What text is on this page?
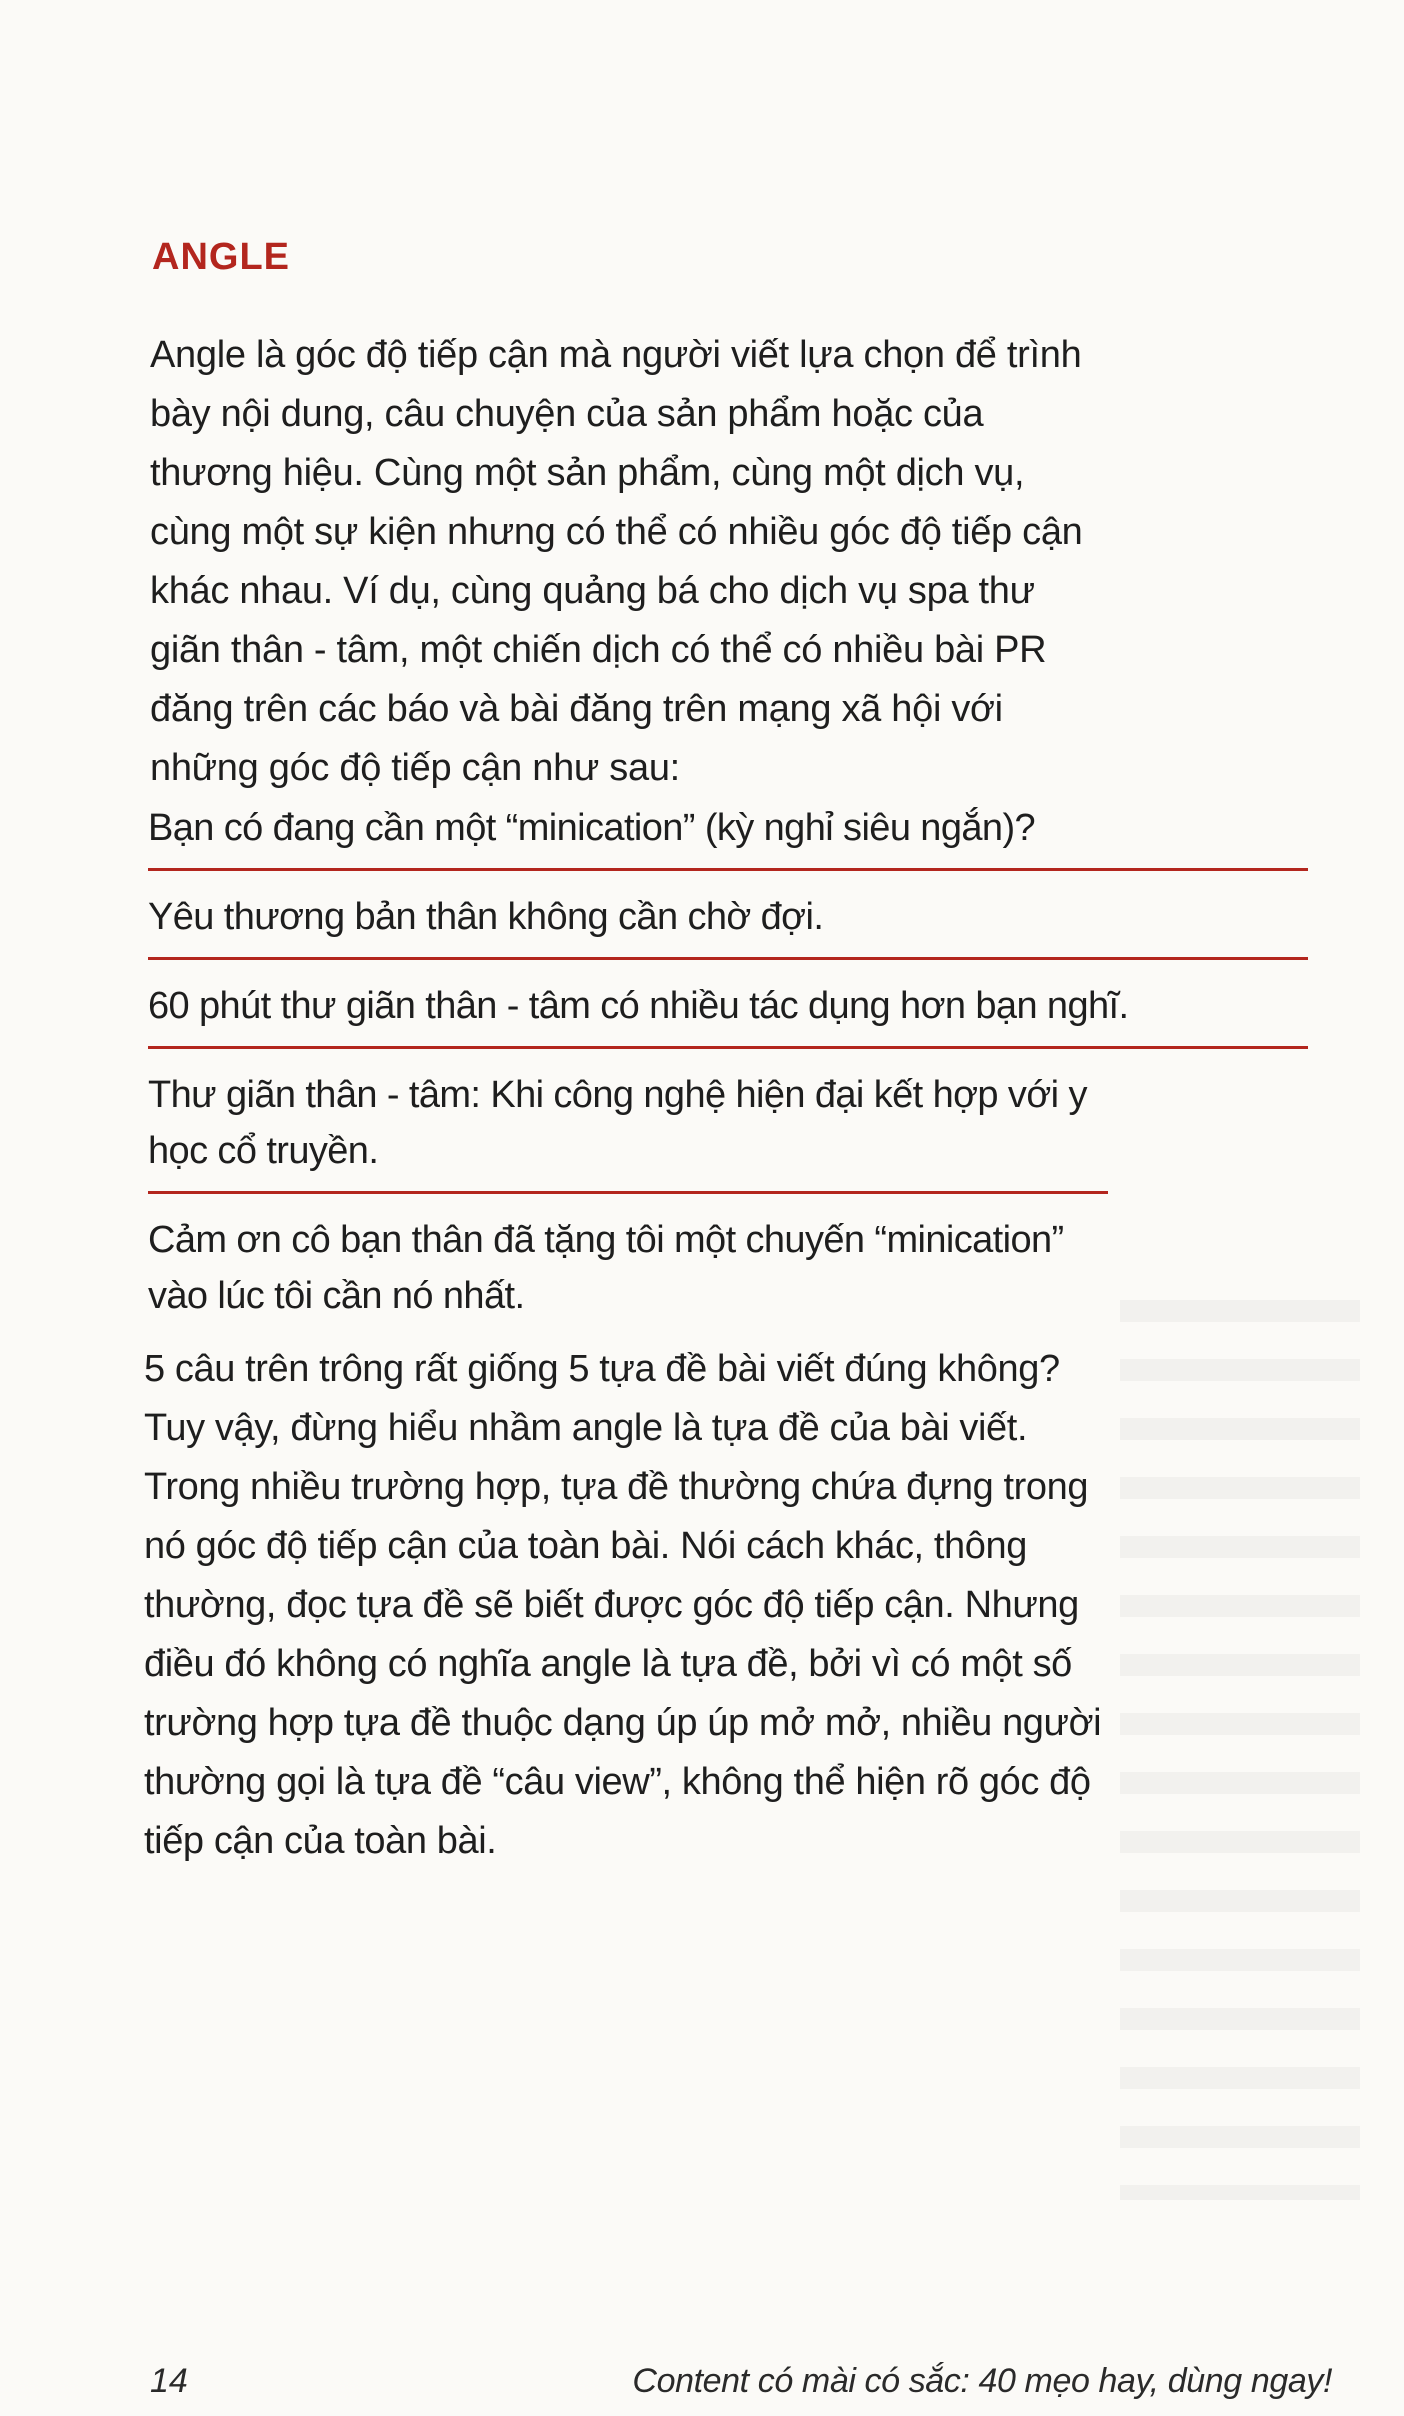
ANGLE
Angle là góc độ tiếp cận mà người viết lựa chọn để trình bày nội dung, câu chuyện của sản phẩm hoặc của thương hiệu. Cùng một sản phẩm, cùng một dịch vụ, cùng một sự kiện nhưng có thể có nhiều góc độ tiếp cận khác nhau. Ví dụ, cùng quảng bá cho dịch vụ spa thư giãn thân - tâm, một chiến dịch có thể có nhiều bài PR đăng trên các báo và bài đăng trên mạng xã hội với những góc độ tiếp cận như sau:
Bạn có đang cần một “minication” (kỳ nghỉ siêu ngắn)?
Yêu thương bản thân không cần chờ đợi.
60 phút thư giãn thân - tâm có nhiều tác dụng hơn bạn nghĩ.
Thư giãn thân - tâm: Khi công nghệ hiện đại kết hợp với y học cổ truyền.
Cảm ơn cô bạn thân đã tặng tôi một chuyến “minication” vào lúc tôi cần nó nhất.
5 câu trên trông rất giống 5 tựa đề bài viết đúng không? Tuy vậy, đừng hiểu nhầm angle là tựa đề của bài viết. Trong nhiều trường hợp, tựa đề thường chứa đựng trong nó góc độ tiếp cận của toàn bài. Nói cách khác, thông thường, đọc tựa đề sẽ biết được góc độ tiếp cận. Nhưng điều đó không có nghĩa angle là tựa đề, bởi vì có một số trường hợp tựa đề thuộc dạng úp úp mở mở, nhiều người thường gọi là tựa đề “câu view”, không thể hiện rõ góc độ tiếp cận của toàn bài.
14	Content có mài có sắc: 40 mẹo hay, dùng ngay!
